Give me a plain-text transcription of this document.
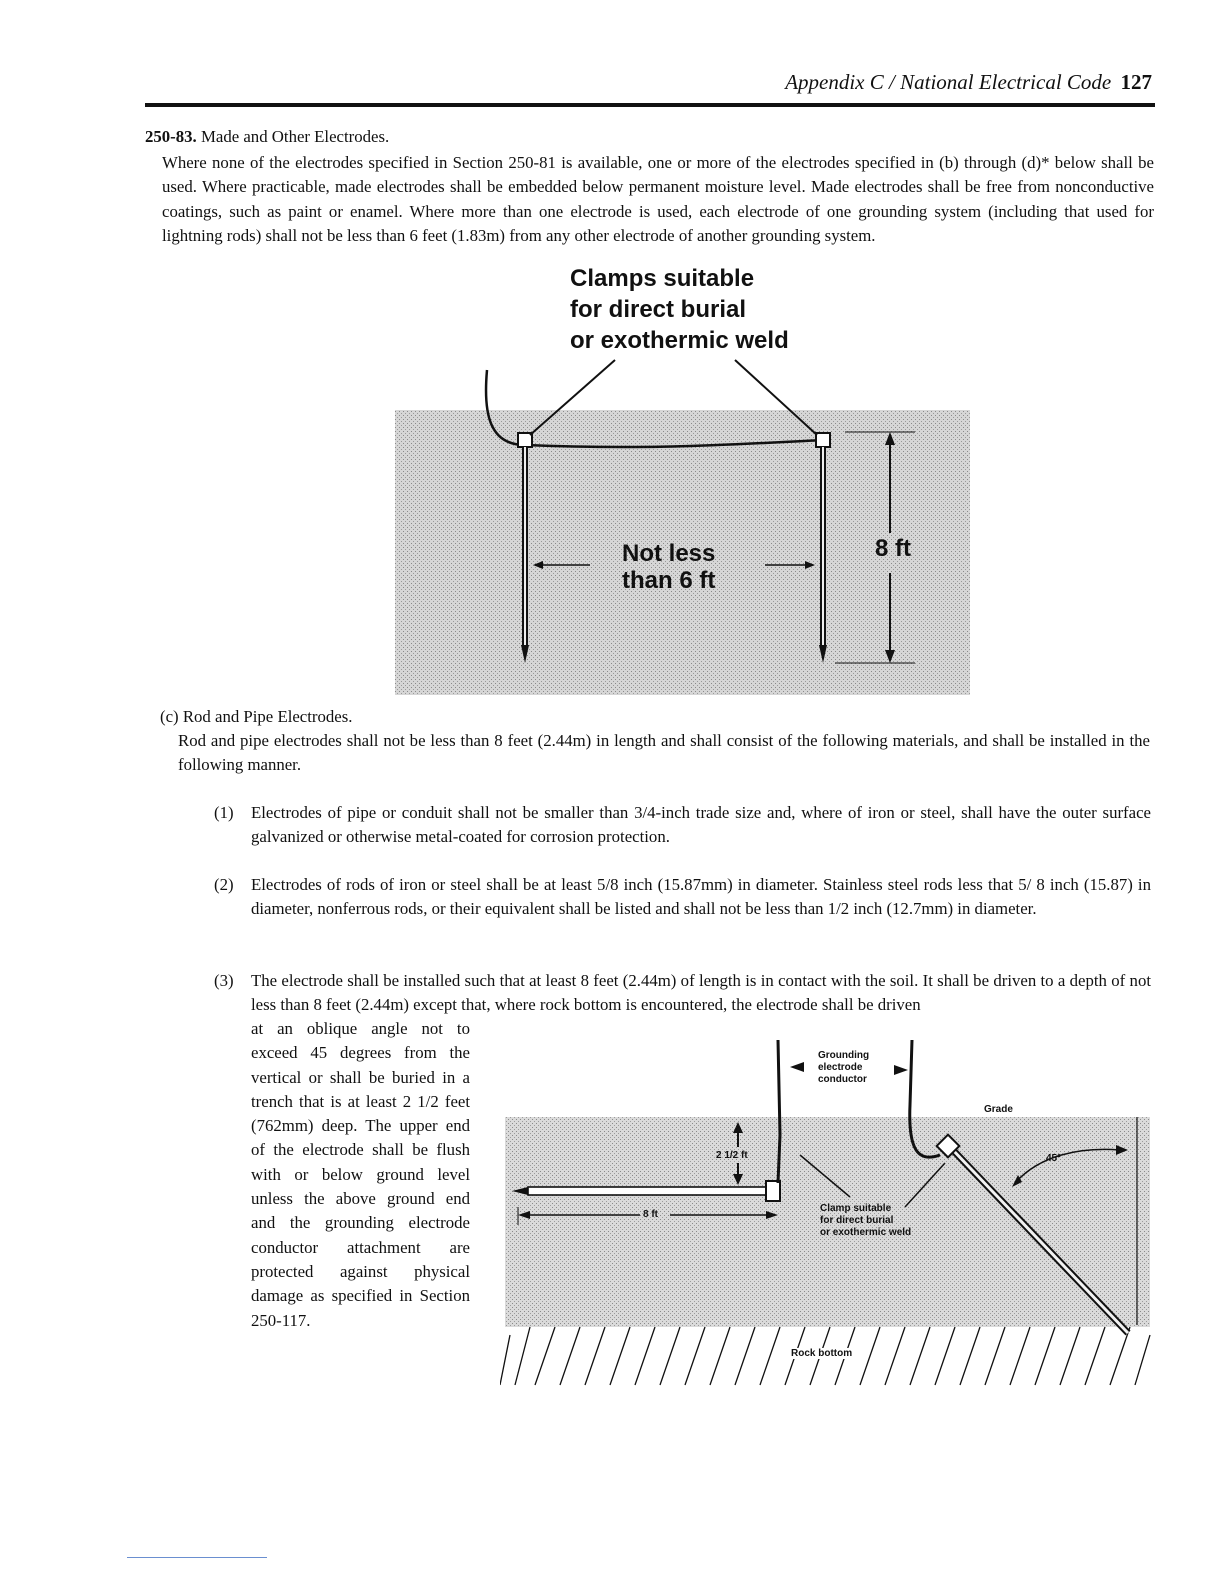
Appendix C / National Electrical Code 127
250-83. Made and Other Electrodes.

Where none of the electrodes specified in Section 250-81 is available, one or more of the electrodes specified in (b) through (d)* below shall be used. Where practicable, made electrodes shall be embedded below permanent moisture level. Made electrodes shall be free from nonconductive coatings, such as paint or enamel. Where more than one electrode is used, each electrode of one grounding system (including that used for lightning rods) shall not be less than 6 feet (1.83m) from any other electrode of another grounding system.

Clamps suitable
for direct burial
or exothermic weld
Not less
than 6 ft
8 ft
(c) Rod and Pipe Electrodes.

Rod and pipe electrodes shall not be less than 8 feet (2.44m) in length and shall consist of the following materials, and shall be installed in the following manner.

(1) Electrodes of pipe or conduit shall not be smaller than 3/4-inch trade size and, where of iron or steel, shall have the outer surface galvanized or otherwise metal-coated for corrosion protection.

(2) Electrodes of rods of iron or steel shall be at least 5/8 inch (15.87mm) in diameter. Stainless steel rods less that 5/ 8 inch (15.87) in diameter, nonferrous rods, or their equivalent shall be listed and shall not be less than 1/2 inch (12.7mm) in diameter.

(3) The electrode shall be installed such that at least 8 feet (2.44m) of length is in contact with the soil. It shall be driven to a depth of not less than 8 feet (2.44m) except that, where rock bottom is encountered, the electrode shall be driven

at an oblique angle not to exceed 45 degrees from the vertical or shall be buried in a trench that is at least 2 1/2 feet (762mm) deep. The upper end of the electrode shall be flush with or below ground level unless the above ground end and the grounding electrode conductor attachment are protected against physical damage as specified in Section 250-117.

Grounding
electrode
conductor
Grade
2 1/2 ft
8 ft
45°
Clamp suitable
for direct burial
or exothermic weld
Rock bottom
